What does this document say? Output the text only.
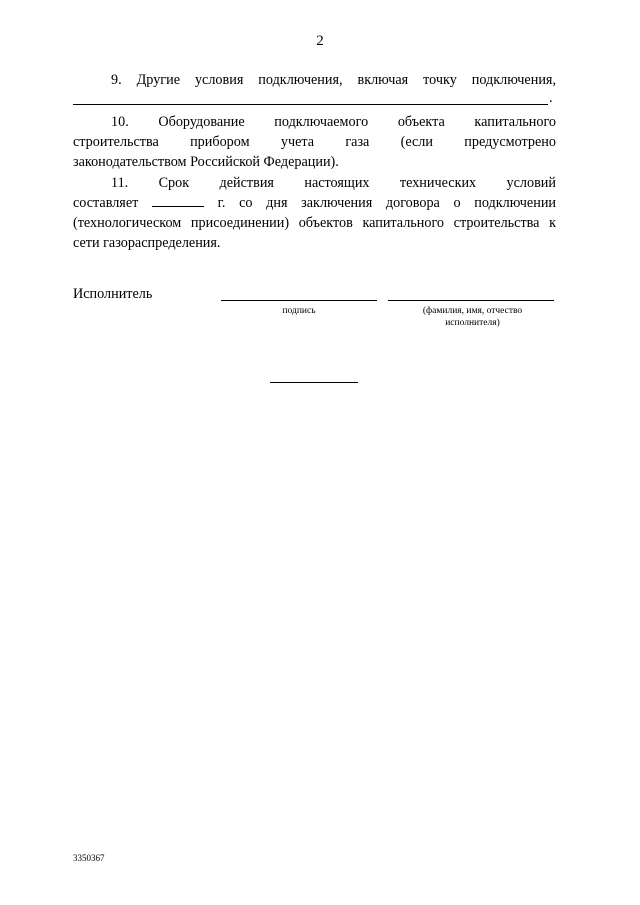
2
9. Другие условия подключения, включая точку подключения,
.
10. Оборудование подключаемого объекта капитального
строительства прибором учета газа (если предусмотрено
законодательством Российской Федерации).
11. Срок действия настоящих технических условий
составляет	г. со дня заключения договора о подключении
(технологическом присоединении) объектов капитального строительства к
сети газораспределения.
Исполнитель
подпись	(фамилия, имя, отчество
исполнителя)
3350367
